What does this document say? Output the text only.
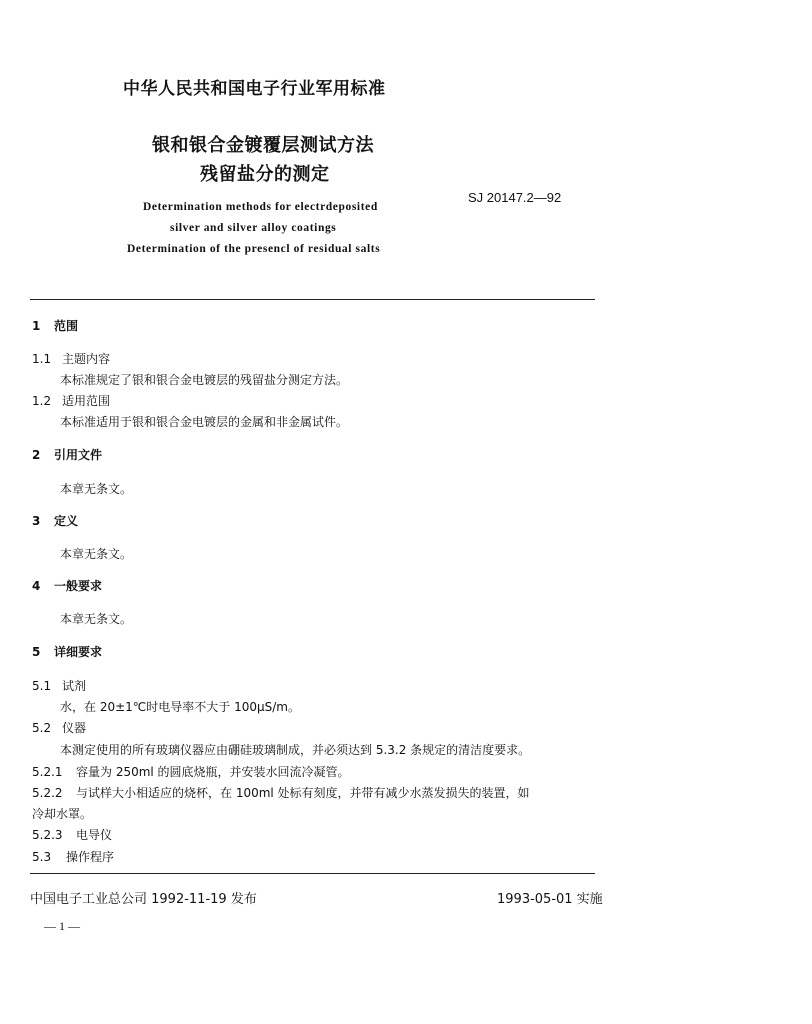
中华人民共和国电子行业军用标准
银和银合金镀覆层测试方法
残留盐分的测定
SJ 20147.2—92
Determination methods for electrdeposited
silver and silver alloy coatings
Determination of the presencl of residual salts
1 范围
1.1 主题内容
本标准规定了银和银合金电镀层的残留盐分测定方法。
1.2 适用范围
本标准适用于银和银合金电镀层的金属和非金属试件。
2 引用文件
本章无条文。
3 定义
本章无条文。
4 一般要求
本章无条文。
5 详细要求
5.1 试剂
水，在 20±1℃时电导率不大于 100μS/m。
5.2 仪器
本测定使用的所有玻璃仪器应由硼硅玻璃制成，并必须达到 5.3.2 条规定的清洁度要求。
5.2.1 容量为 250ml 的圆底烧瓶，并安装水回流冷凝管。
5.2.2 与试样大小相适应的烧杯，在 100ml 处标有刻度，并带有减少水蒸发损失的装置，如
冷却水罩。
5.2.3 电导仪
5.3 操作程序
中国电子工业总公司 1992-11-19 发布	1993-05-01 实施
— 1 —
